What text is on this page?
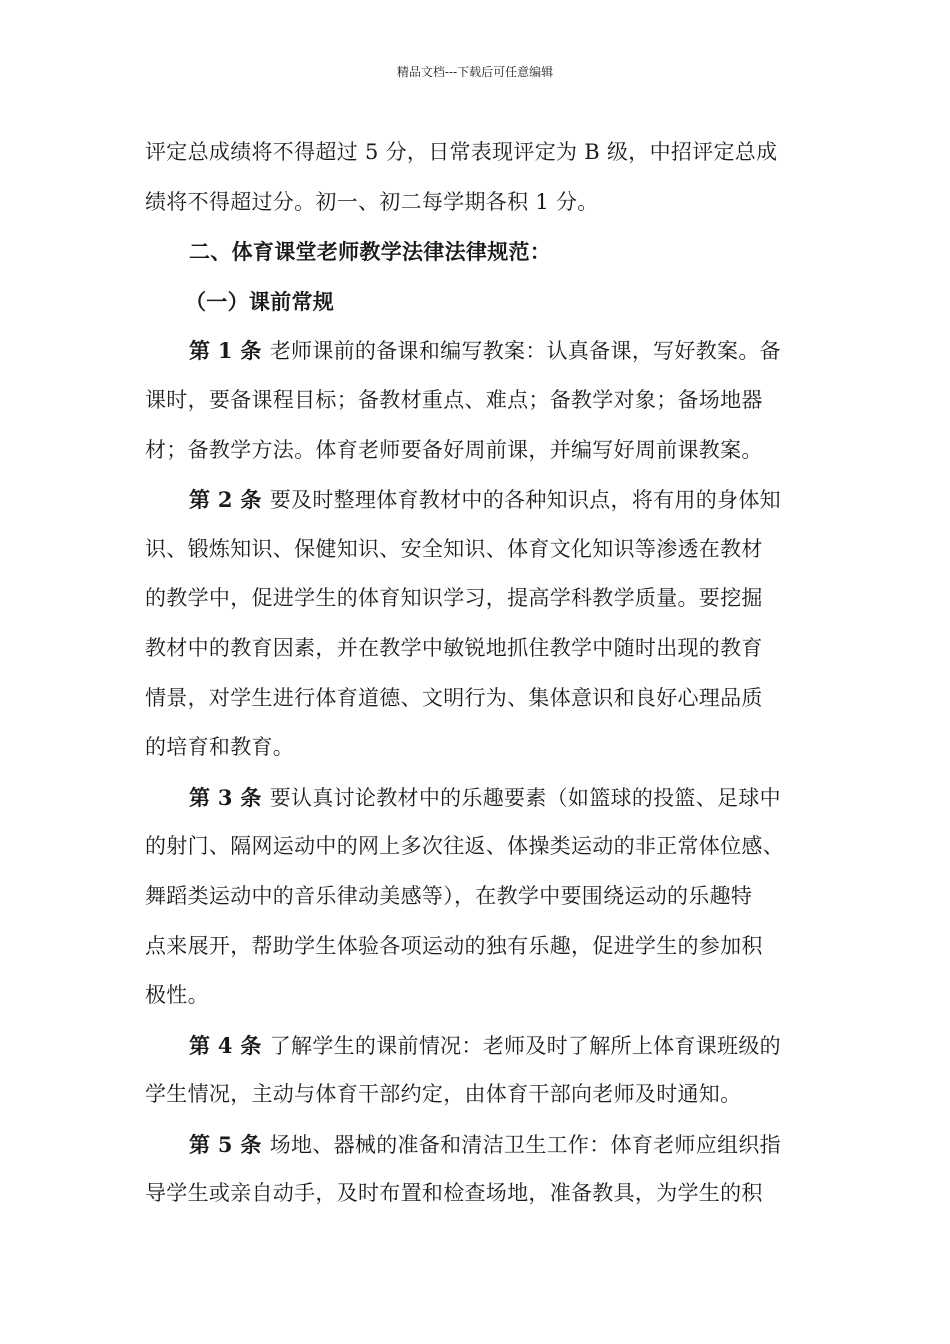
精品文档---下载后可任意编辑
评定总成绩将不得超过 5 分，日常表现评定为 B 级，中招评定总成
绩将不得超过分。初一、初二每学期各积 1 分。
二、体育课堂老师教学法律法律规范：
（一）课前常规
第 1 条 老师课前的备课和编写教案：认真备课，写好教案。备
课时，要备课程目标；备教材重点、难点；备教学对象；备场地器
材；备教学方法。体育老师要备好周前课，并编写好周前课教案。
第 2 条 要及时整理体育教材中的各种知识点，将有用的身体知
识、锻炼知识、保健知识、安全知识、体育文化知识等渗透在教材
的教学中，促进学生的体育知识学习，提高学科教学质量。要挖掘
教材中的教育因素，并在教学中敏锐地抓住教学中随时出现的教育
情景，对学生进行体育道德、文明行为、集体意识和良好心理品质
的培育和教育。
第 3 条 要认真讨论教材中的乐趣要素（如篮球的投篮、足球中
的射门、隔网运动中的网上多次往返、体操类运动的非正常体位感、
舞蹈类运动中的音乐律动美感等），在教学中要围绕运动的乐趣特
点来展开，帮助学生体验各项运动的独有乐趣，促进学生的参加积
极性。
第 4 条 了解学生的课前情况：老师及时了解所上体育课班级的
学生情况，主动与体育干部约定，由体育干部向老师及时通知。
第 5 条 场地、器械的准备和清洁卫生工作：体育老师应组织指
导学生或亲自动手，及时布置和检查场地，准备教具，为学生的积
